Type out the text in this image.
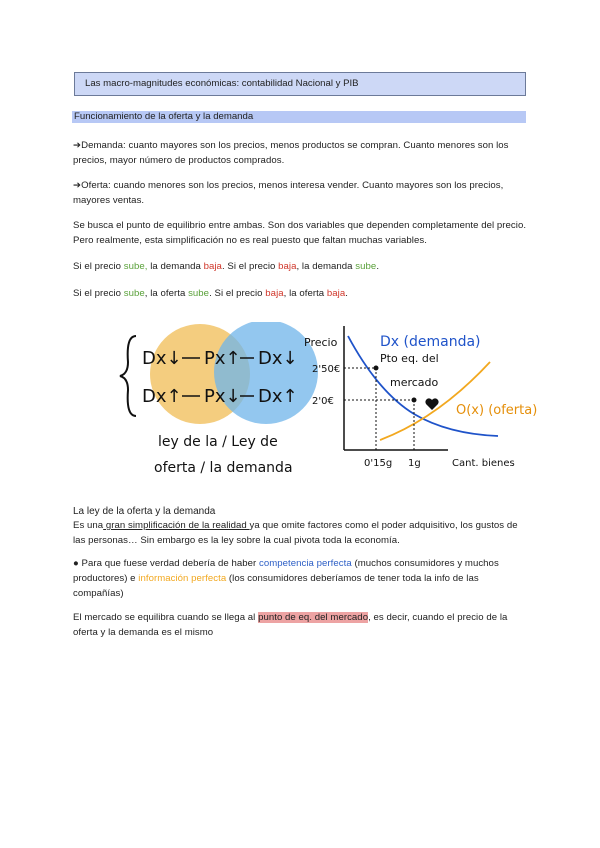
Las macro-magnitudes económicas: contabilidad Nacional y PIB
Funcionamiento de la oferta y la demanda
➔Demanda: cuanto mayores son los precios, menos productos se compran. Cuanto menores son los precios, mayor número de productos comprados.
➔Oferta: cuando menores son los precios, menos interesa vender. Cuanto mayores son los precios, mayores ventas.
Se busca el punto de equilibrio entre ambas. Son dos variables que dependen completamente del precio. Pero realmente, esta simplificación no es real puesto que faltan muchas variables.
Si el precio sube, la demanda baja. Si el precio baja, la demanda sube.
Si el precio sube, la oferta sube. Si el precio baja, la oferta baja.
Dx↓ Px↑ Dx↓
Dx↑ Px↓ Dx↑
ley de la / Ley de
oferta / la demanda
Precio
2'50€
2'0€
0'15g 1g	Cant. bienes
Pto eq. del
mercado
Dx (demanda)
O(x) (oferta)
La ley de la oferta y la demanda
Es una gran simplificación de la realidad ya que omite factores como el poder adquisitivo, los gustos de las personas… Sin embargo es la ley sobre la cual pivota toda la economía.
● Para que fuese verdad debería de haber competencia perfecta (muchos consumidores y muchos productores) e información perfecta (los consumidores deberíamos de tener toda la info de las compañías)
El mercado se equilibra cuando se llega al punto de eq. del mercado, es decir, cuando el precio de la oferta y la demanda es el mismo
